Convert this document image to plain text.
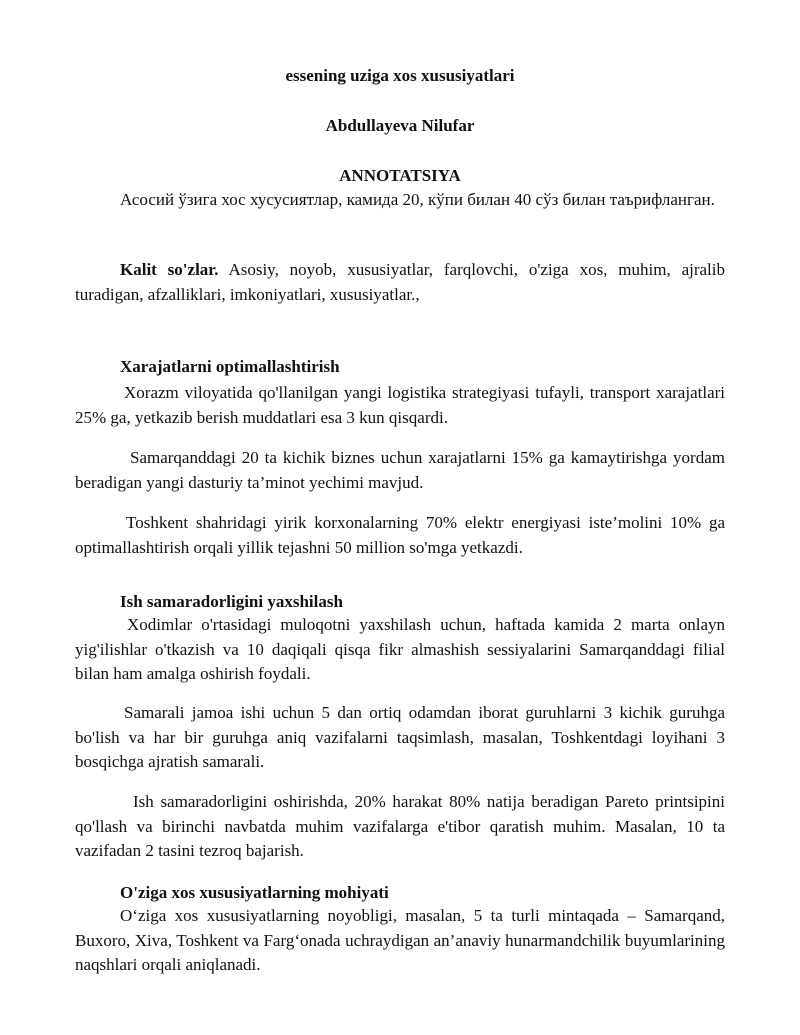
essening uziga xos xususiyatlari
Abdullayeva Nilufar
ANNOTATSIYA
Асосий ўзига хос хусусиятлар, камида 20, кўпи билан 40 сўз билан таърифланган.
Kalit so'zlar. Asosiy, noyob, xususiyatlar, farqlovchi, o'ziga xos, muhim, ajralib turadigan, afzalliklari, imkoniyatlari, xususiyatlar.,
Xarajatlarni optimallashtirish
Xorazm viloyatida qo'llanilgan yangi logistika strategiyasi tufayli, transport xarajatlari 25% ga, yetkazib berish muddatlari esa 3 kun qisqardi.
Samarqanddagi 20 ta kichik biznes uchun xarajatlarni 15% ga kamaytirishga yordam beradigan yangi dasturiy ta’minot yechimi mavjud.
Toshkent shahridagi yirik korxonalarning 70% elektr energiyasi iste’molini 10% ga optimallashtirish orqali yillik tejashni 50 million so'mga yetkazdi.
Ish samaradorligini yaxshilash
Xodimlar o'rtasidagi muloqotni yaxshilash uchun, haftada kamida 2 marta onlayn yig'ilishlar o'tkazish va 10 daqiqali qisqa fikr almashish sessiyalarini Samarqanddagi filial bilan ham amalga oshirish foydali.
Samarali jamoa ishi uchun 5 dan ortiq odamdan iborat guruhlarni 3 kichik guruhga bo'lish va har bir guruhga aniq vazifalarni taqsimlash, masalan, Toshkentdagi loyihani 3 bosqichga ajratish samarali.
Ish samaradorligini oshirishda, 20% harakat 80% natija beradigan Pareto printsipini qo'llash va birinchi navbatda muhim vazifalarga e'tibor qaratish muhim. Masalan, 10 ta vazifadan 2 tasini tezroq bajarish.
O'ziga xos xususiyatlarning mohiyati
O‘ziga xos xususiyatlarning noyobligi, masalan, 5 ta turli mintaqada – Samarqand, Buxoro, Xiva, Toshkent va Farg‘onada uchraydigan an’anaviy hunarmandchilik buyumlarining naqshlari orqali aniqlanadi.
